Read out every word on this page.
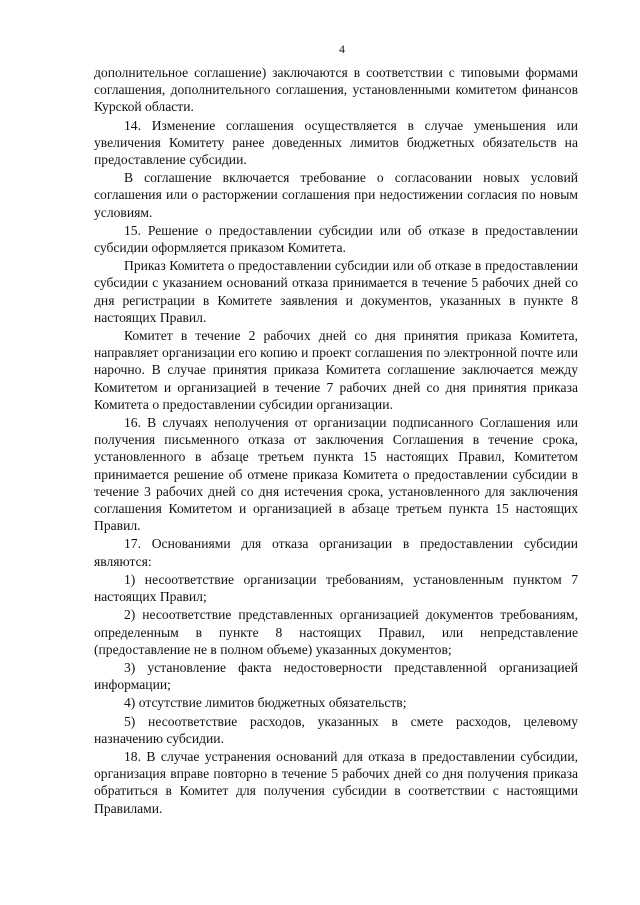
4

дополнительное соглашение) заключаются в соответствии с типовыми формами соглашения, дополнительного соглашения, установленными комитетом финансов Курской области.

14. Изменение соглашения осуществляется в случае уменьшения или увеличения Комитету ранее доведенных лимитов бюджетных обязательств на предоставление субсидии.

В соглашение включается требование о согласовании новых условий соглашения или о расторжении соглашения при недостижении согласия по новым условиям.

15. Решение о предоставлении субсидии или об отказе в предоставлении субсидии оформляется приказом Комитета.

Приказ Комитета о предоставлении субсидии или об отказе в предоставлении субсидии с указанием оснований отказа принимается в течение 5 рабочих дней со дня регистрации в Комитете заявления и документов, указанных в пункте 8 настоящих Правил.

Комитет в течение 2 рабочих дней со дня принятия приказа Комитета, направляет организации его копию и проект соглашения по электронной почте или нарочно. В случае принятия приказа Комитета соглашение заключается между Комитетом и организацией в течение 7 рабочих дней со дня принятия приказа Комитета о предоставлении субсидии организации.

16. В случаях неполучения от организации подписанного Соглашения или получения письменного отказа от заключения Соглашения в течение срока, установленного в абзаце третьем пункта 15 настоящих Правил, Комитетом принимается решение об отмене приказа Комитета о предоставлении субсидии в течение 3 рабочих дней со дня истечения срока, установленного для заключения соглашения Комитетом и организацией в абзаце третьем пункта 15 настоящих Правил.

17. Основаниями для отказа организации в предоставлении субсидии являются:

1) несоответствие организации требованиям, установленным пунктом 7 настоящих Правил;

2) несоответствие представленных организацией документов требованиям, определенным в пункте 8 настоящих Правил, или непредставление (предоставление не в полном объеме) указанных документов;

3) установление факта недостоверности представленной организацией информации;

4) отсутствие лимитов бюджетных обязательств;

5) несоответствие расходов, указанных в смете расходов, целевому назначению субсидии.

18. В случае устранения оснований для отказа в предоставлении субсидии, организация вправе повторно в течение 5 рабочих дней со дня получения приказа обратиться в Комитет для получения субсидии в соответствии с настоящими Правилами.
